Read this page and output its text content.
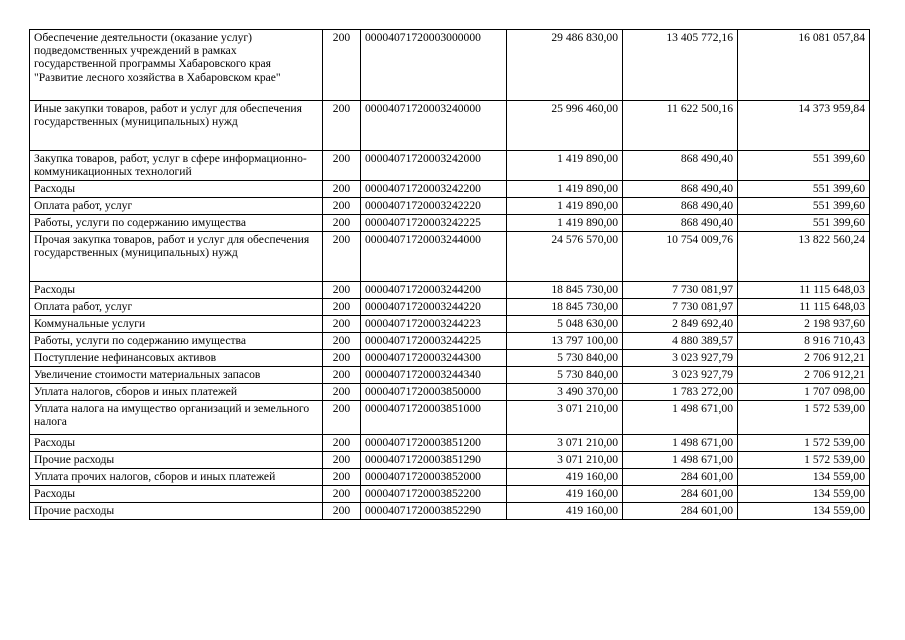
Обеспечение деятельности (оказание услуг) подведомственных учреждений в рамках государственной программы Хабаровского края "Развитие лесного хозяйства в Хабаровском крае"	200	00004071720003000000	29 486 830,00	13 405 772,16	16 081 057,84
Иные закупки товаров, работ и услуг для обеспечения государственных (муниципальных) нужд	200	00004071720003240000	25 996 460,00	11 622 500,16	14 373 959,84
Закупка товаров, работ, услуг в сфере информационно-коммуникационных технологий	200	00004071720003242000	1 419 890,00	868 490,40	551 399,60
Расходы	200	00004071720003242200	1 419 890,00	868 490,40	551 399,60
Оплата работ, услуг	200	00004071720003242220	1 419 890,00	868 490,40	551 399,60
Работы, услуги по содержанию имущества	200	00004071720003242225	1 419 890,00	868 490,40	551 399,60
Прочая закупка товаров, работ и услуг для обеспечения государственных (муниципальных) нужд	200	00004071720003244000	24 576 570,00	10 754 009,76	13 822 560,24
Расходы	200	00004071720003244200	18 845 730,00	7 730 081,97	11 115 648,03
Оплата работ, услуг	200	00004071720003244220	18 845 730,00	7 730 081,97	11 115 648,03
Коммунальные услуги	200	00004071720003244223	5 048 630,00	2 849 692,40	2 198 937,60
Работы, услуги по содержанию имущества	200	00004071720003244225	13 797 100,00	4 880 389,57	8 916 710,43
Поступление нефинансовых активов	200	00004071720003244300	5 730 840,00	3 023 927,79	2 706 912,21
Увеличение стоимости материальных запасов	200	00004071720003244340	5 730 840,00	3 023 927,79	2 706 912,21
Уплата налогов, сборов и иных платежей	200	00004071720003850000	3 490 370,00	1 783 272,00	1 707 098,00
Уплата налога на имущество организаций и земельного налога	200	00004071720003851000	3 071 210,00	1 498 671,00	1 572 539,00
Расходы	200	00004071720003851200	3 071 210,00	1 498 671,00	1 572 539,00
Прочие расходы	200	00004071720003851290	3 071 210,00	1 498 671,00	1 572 539,00
Уплата прочих налогов, сборов и иных платежей	200	00004071720003852000	419 160,00	284 601,00	134 559,00
Расходы	200	00004071720003852200	419 160,00	284 601,00	134 559,00
Прочие расходы	200	00004071720003852290	419 160,00	284 601,00	134 559,00
